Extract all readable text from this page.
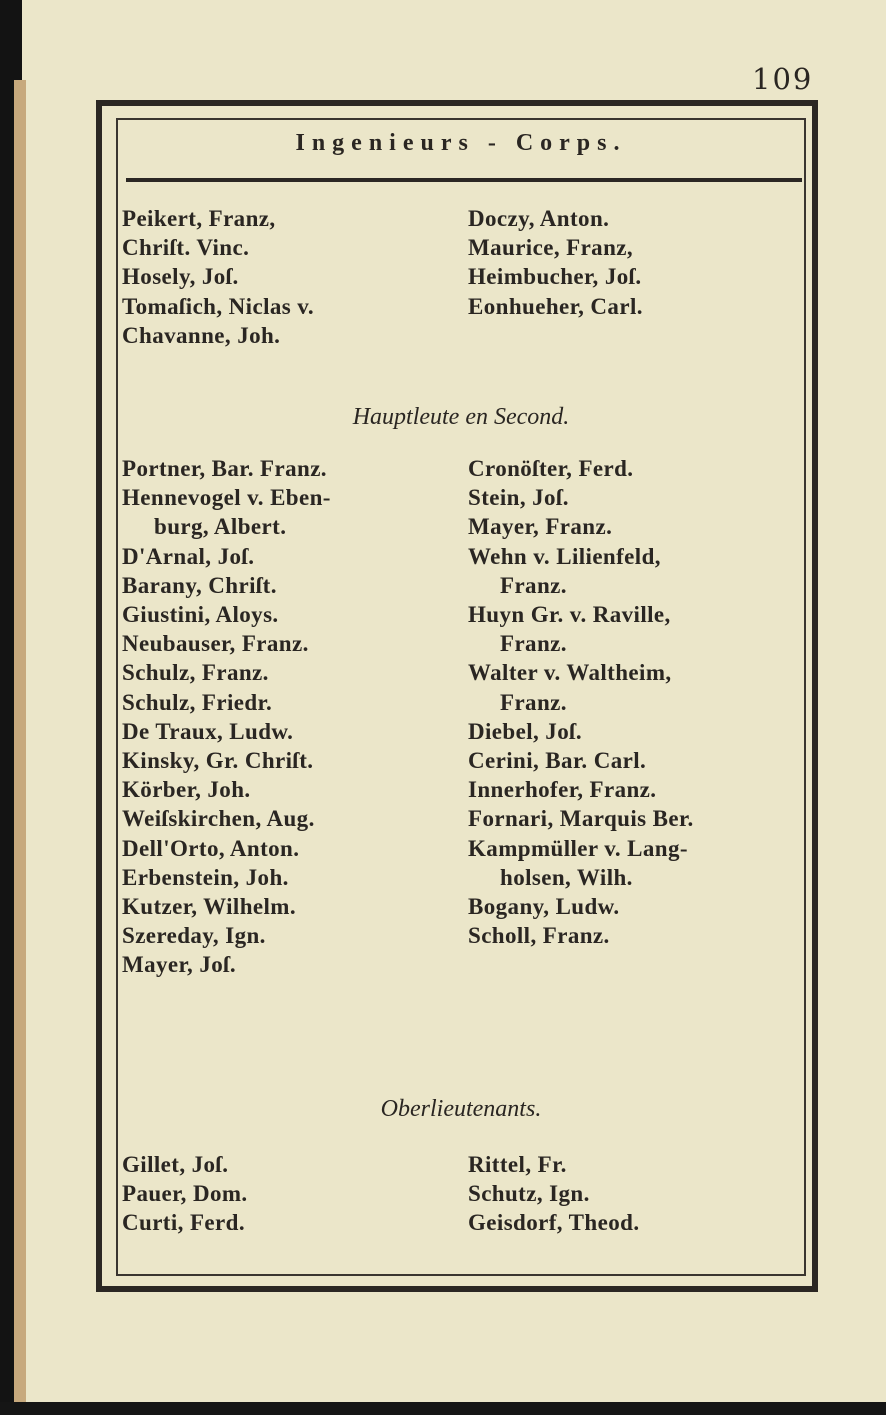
109
Ingenieurs - Corps.
Peikert, Franz,
Chriſt. Vinc.
Hosely, Joſ.
Tomaſich, Niclas v.
Chavanne, Joh.
Doczy, Anton.
Maurice, Franz,
Heimbucher, Joſ.
Eonhueher, Carl.
Hauptleute en Second.
Portner, Bar. Franz.
Hennevogel v. Eben-
burg, Albert.
D'Arnal, Joſ.
Barany, Chriſt.
Giustini, Aloys.
Neubauser, Franz.
Schulz, Franz.
Schulz, Friedr.
De Traux, Ludw.
Kinsky, Gr. Chriſt.
Körber, Joh.
Weiſskirchen, Aug.
Dell'Orto, Anton.
Erbenstein, Joh.
Kutzer, Wilhelm.
Szereday, Ign.
Mayer, Joſ.
Cronöſter, Ferd.
Stein, Joſ.
Mayer, Franz.
Wehn v. Lilienfeld,
Franz.
Huyn Gr. v. Raville,
Franz.
Walter v. Waltheim,
Franz.
Diebel, Joſ.
Cerini, Bar. Carl.
Innerhofer, Franz.
Fornari, Marquis Ber.
Kampmüller v. Lang-
holsen, Wilh.
Bogany, Ludw.
Scholl, Franz.
Oberlieutenants.
Gillet, Joſ.
Pauer, Dom.
Curti, Ferd.
Rittel, Fr.
Schutz, Ign.
Geisdorf, Theod.
